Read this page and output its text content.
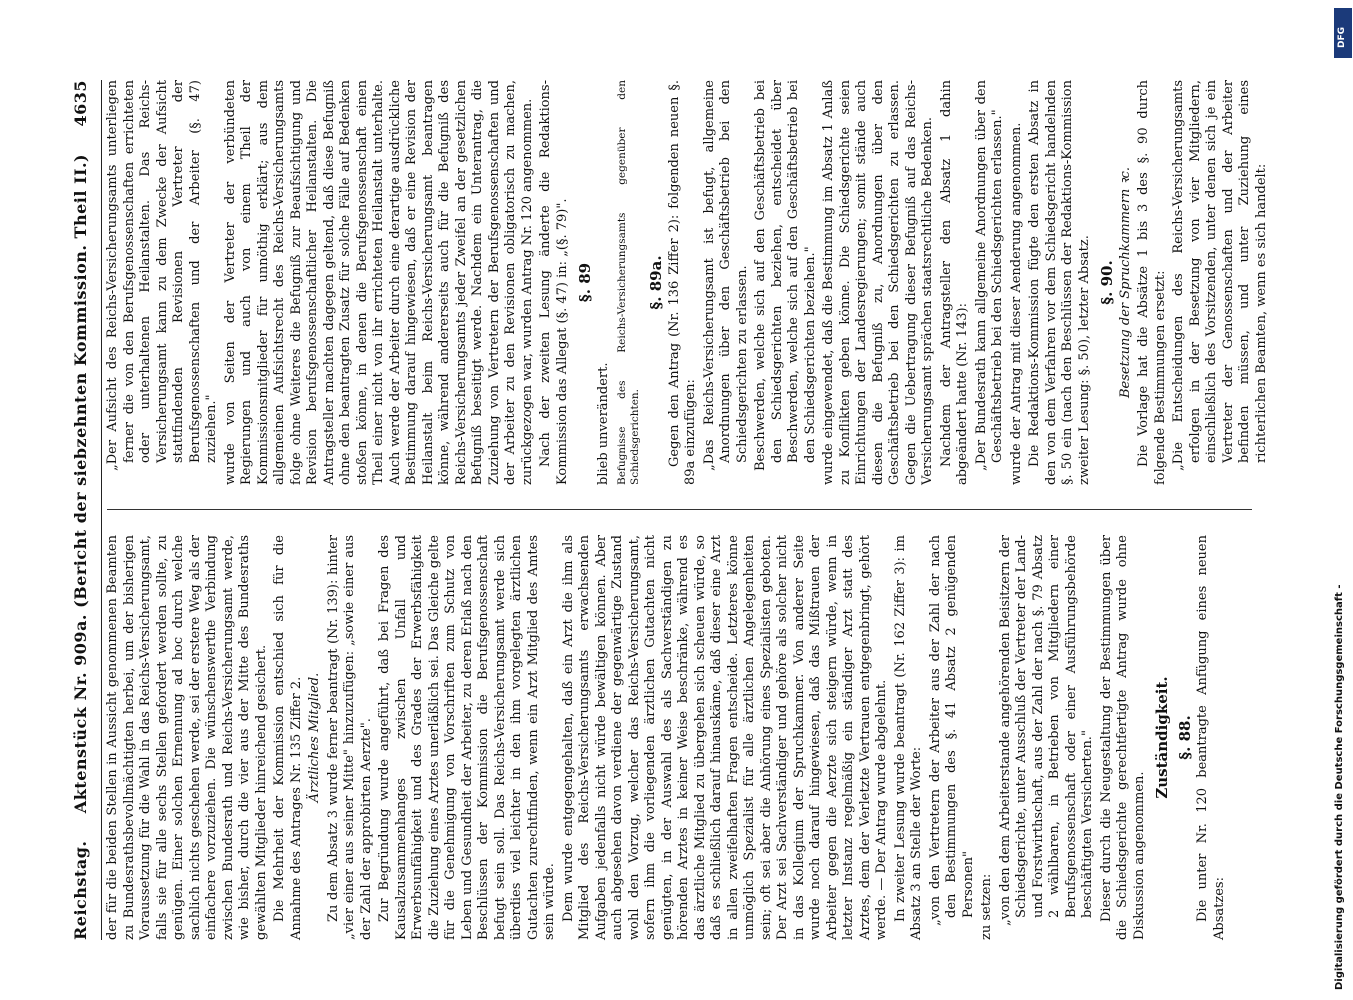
Reichstag.
Aktenstück Nr. 909a. (Bericht der siebzehnten Kommission. Theil II.)
4635

der für die beiden Stellen in Aussicht genommenen Beamten zu Bundesrathsbevollmächtigten herbei, um der bisherigen Voraussetzung für die Wahl in das Reichs-Versicherungsamt, falls sie für alle sechs Stellen gefordert werden sollte, zu genügen. Einer solchen Ernennung ad hoc durch welche sachlich nichts geschehen werde, sei der erstere Weg als der einfachere vorzuziehen. Die wünschenswerthe Verbindung zwischen Bundesrath und Reichs-Versicherungsamt werde, wie bisher, durch die vier aus der Mitte des Bundesraths gewählten Mitglieder hinreichend gesichert. Die Mehrheit der Kommission entschied sich für die Annahme des Antrages Nr. 135 Ziffer 2. Ärztliches Mitglied. Zu dem Absatz 3 wurde ferner beantragt (Nr. 139): hinter „vier einer aus seiner Mitte" hinzuzufügen: „sowie einer aus der Zahl der approbirten Aerzte". Zur Begründung wurde angeführt, daß bei Fragen des Kausalzusammenhanges zwischen Unfall und Erwerbsunfähigkeit und des Grades der Erwerbsfähigkeit die Zuziehung eines Arztes unerläßlich sei. Das Gleiche gelte für die Genehmigung von Vorschriften zum Schutz von Leben und Gesundheit der Arbeiter, zu deren Erlaß nach den Beschlüssen der Kommission die Berufsgenossenschaft befugt sein soll. Das Reichs-Versicherungsamt werde sich überdies viel leichter in den ihm vorgelegten ärztlichen Gutachten zurechtfinden, wenn ein Arzt Mitglied des Amtes sein würde. Dem wurde entgegengehalten, daß ein Arzt die ihm als Mitglied des Reichs-Versicherungsamts erwachsenden Aufgaben jedenfalls nicht würde bewältigen können. Aber auch abgesehen davon verdiene der gegenwärtige Zustand wohl den Vorzug, welcher das Reichs-Versicherungsamt, sofern ihm die vorliegenden ärztlichen Gutachten nicht genügten, in der Auswahl des als Sachverständigen zu hörenden Arztes in keiner Weise beschränke, während es das ärztliche Mitglied zu übergehen sich scheuen würde, so daß es schließlich darauf hinauskäme, daß dieser eine Arzt in allen zweifelhaften Fragen entscheide. Letzteres könne unmöglich Spezialist für alle ärztlichen Angelegenheiten sein; oft sei aber die Anhörung eines Spezialisten geboten. Der Arzt sei Sachverständiger und gehöre als solcher nicht in das Kollegium der Spruchkammer. Von anderer Seite wurde noch darauf hingewiesen, daß das Mißtrauen der Arbeiter gegen die Aerzte sich steigern würde, wenn in letzter Instanz regelmäßig ein ständiger Arzt statt des Arztes, dem der Verletzte Vertrauen entgegenbringt, gehört werde. — Der Antrag wurde abgelehnt. In zweiter Lesung wurde beantragt (Nr. 162 Ziffer 3): im Absatz 3 an Stelle der Worte: „von den Vertretern der Arbeiter aus der Zahl der nach den Bestimmungen des §. 41 Absatz 2 genügenden Personen" zu setzen: „von den dem Arbeiterstande angehörenden Beisitzern der Schiedsgerichte, unter Ausschluß der Vertreter der Land- und Forstwirthschaft, aus der Zahl der nach §. 79 Absatz 2 wählbaren, in Betrieben von Mitgliedern einer Berufsgenossenschaft oder einer Ausführungsbehörde beschäftigten Versicherten." Dieser durch die Neugestaltung der Bestimmungen über die Schiedsgerichte gerechtfertigte Antrag wurde ohne Diskussion angenommen.

Zuständigkeit. §. 88. Die unter Nr. 120 beantragte Anfügung eines neuen Absatzes:

„Der Aufsicht des Reichs-Versicherungsamts unterliegen ferner die von den Berufsgenossenschaften errichteten oder unterhaltenen Heilanstalten. Das Reichs-Versicherungsamt kann zu dem Zwecke der Aufsicht stattfindenden Revisionen Vertreter der Berufsgenossenschaften und der Arbeiter (§. 47) zuziehen." wurde von Seiten der Vertreter der verbündeten Regierungen und auch von einem Theil der Kommissionsmitglieder für unnöthig erklärt; aus dem allgemeinen Aufsichtsrecht des Reichs-Versicherungsamts folge ohne Weiteres die Befugniß zur Beaufsichtigung und Revision berufsgenossenschaftlicher Heilanstalten. Die Antragsteller machten dagegen geltend, daß diese Befugniß ohne den beantragten Zusatz für solche Fälle auf Bedenken stoßen könne, in denen die Berufsgenossenschaft einen Theil einer nicht von ihr errichteten Heilanstalt unterhalte. Auch werde der Arbeiter durch eine derartige ausdrückliche Bestimmung darauf hingewiesen, daß er eine Revision der Heilanstalt beim Reichs-Versicherungsamt beantragen könne, während andererseits auch für die Befugniß des Reichs-Versicherungsamts jeder Zweifel an der gesetzlichen Befugniß beseitigt werde. Nachdem ein Unterantrag, die Zuziehung von Vertretern der Berufsgenossenschaften und der Arbeiter zu den Revisionen obligatorisch zu machen, zurückgezogen war, wurden Antrag Nr. 120 angenommen. Nach der zweiten Lesung änderte die Redaktions-Kommission das Allegat (§. 47) in: „(§. 79)". §. 89

blieb unverändert. Befugnisse des Reichs-Versicherungsamts gegenüber den Schiedsgerichten.

§. 89a. Gegen den Antrag (Nr. 136 Ziffer 2): folgenden neuen §. 89a einzufügen: „Das Reichs-Versicherungsamt ist befugt, allgemeine Anordnungen über den Geschäftsbetrieb bei den Schiedsgerichten zu erlassen. Beschwerden, welche sich auf den Geschäftsbetrieb bei den Schiedsgerichten beziehen, entscheidet über Beschwerden, welche sich auf den Geschäftsbetrieb bei den Schiedsgerichten beziehen." wurde eingewendet, daß die Bestimmung im Absatz 1 Anlaß zu Konflikten geben könne. Die Schiedsgerichte seien Einrichtungen der Landesregierungen; somit stände auch diesen die Befugniß zu, Anordnungen über den Geschäftsbetrieb bei den Schiedsgerichten zu erlassen. Gegen die Uebertragung dieser Befugniß auf das Reichs-Versicherungsamt sprächen staatsrechtliche Bedenken. Nachdem der Antragsteller den Absatz 1 dahin abgeändert hatte (Nr. 143): „Der Bundesrath kann allgemeine Anordnungen über den Geschäftsbetrieb bei den Schiedsgerichten erlassen." wurde der Antrag mit dieser Aenderung angenommen. Die Redaktions-Kommission fügte den ersten Absatz in den von dem Verfahren vor dem Schiedsgericht handelnden §. 50 ein (nach den Beschlüssen der Redaktions-Kommission zweiter Lesung: §. 50), letzter Absatz. §. 90. Besetzung der Spruchkammern ꝛc. Die Vorlage hat die Absätze 1 bis 3 des §. 90 durch folgende Bestimmungen ersetzt: „Die Entscheidungen des Reichs-Versicherungsamts erfolgen in der Besetzung von vier Mitgliedern, einschließlich des Vorsitzenden, unter denen sich je ein Vertreter der Genossenschaften und der Arbeiter befinden müssen, und unter Zuziehung eines richterlichen Beamten, wenn es sich handelt:

Digitalisierung gefördert durch die Deutsche Forschungsgemeinschaft -
DFG
